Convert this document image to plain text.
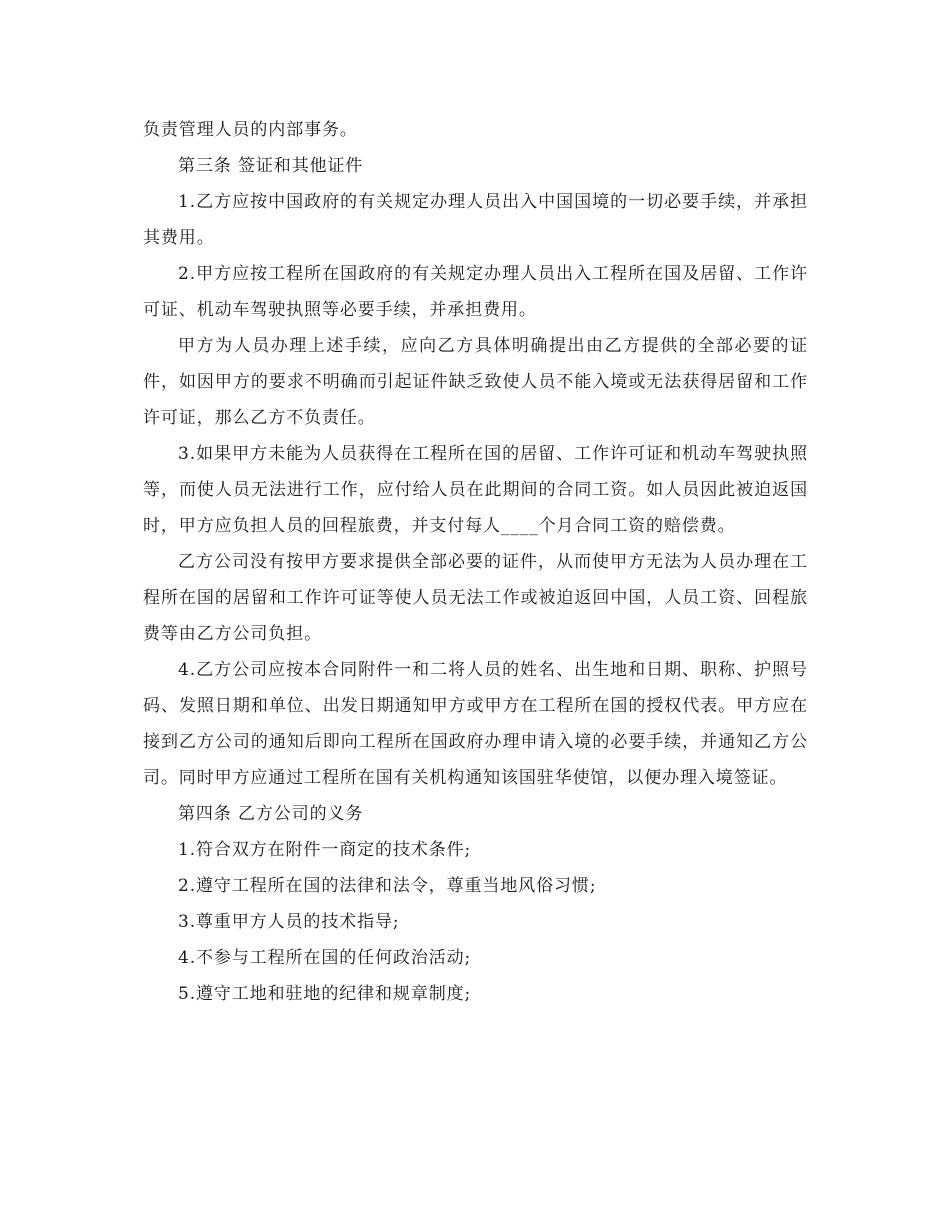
负责管理人员的内部事务。

第三条 签证和其他证件

1.乙方应按中国政府的有关规定办理人员出入中国国境的一切必要手续，并承担其费用。

2.甲方应按工程所在国政府的有关规定办理人员出入工程所在国及居留、工作许可证、机动车驾驶执照等必要手续，并承担费用。

甲方为人员办理上述手续，应向乙方具体明确提出由乙方提供的全部必要的证件，如因甲方的要求不明确而引起证件缺乏致使人员不能入境或无法获得居留和工作许可证，那么乙方不负责任。

3.如果甲方未能为人员获得在工程所在国的居留、工作许可证和机动车驾驶执照等，而使人员无法进行工作，应付给人员在此期间的合同工资。如人员因此被迫返国时，甲方应负担人员的回程旅费，并支付每人____个月合同工资的赔偿费。

乙方公司没有按甲方要求提供全部必要的证件，从而使甲方无法为人员办理在工程所在国的居留和工作许可证等使人员无法工作或被迫返回中国，人员工资、回程旅费等由乙方公司负担。

4.乙方公司应按本合同附件一和二将人员的姓名、出生地和日期、职称、护照号码、发照日期和单位、出发日期通知甲方或甲方在工程所在国的授权代表。甲方应在接到乙方公司的通知后即向工程所在国政府办理申请入境的必要手续，并通知乙方公司。同时甲方应通过工程所在国有关机构通知该国驻华使馆，以便办理入境签证。

第四条 乙方公司的义务

1.符合双方在附件一商定的技术条件;

2.遵守工程所在国的法律和法令，尊重当地风俗习惯;

3.尊重甲方人员的技术指导;

4.不参与工程所在国的任何政治活动;

5.遵守工地和驻地的纪律和规章制度;
